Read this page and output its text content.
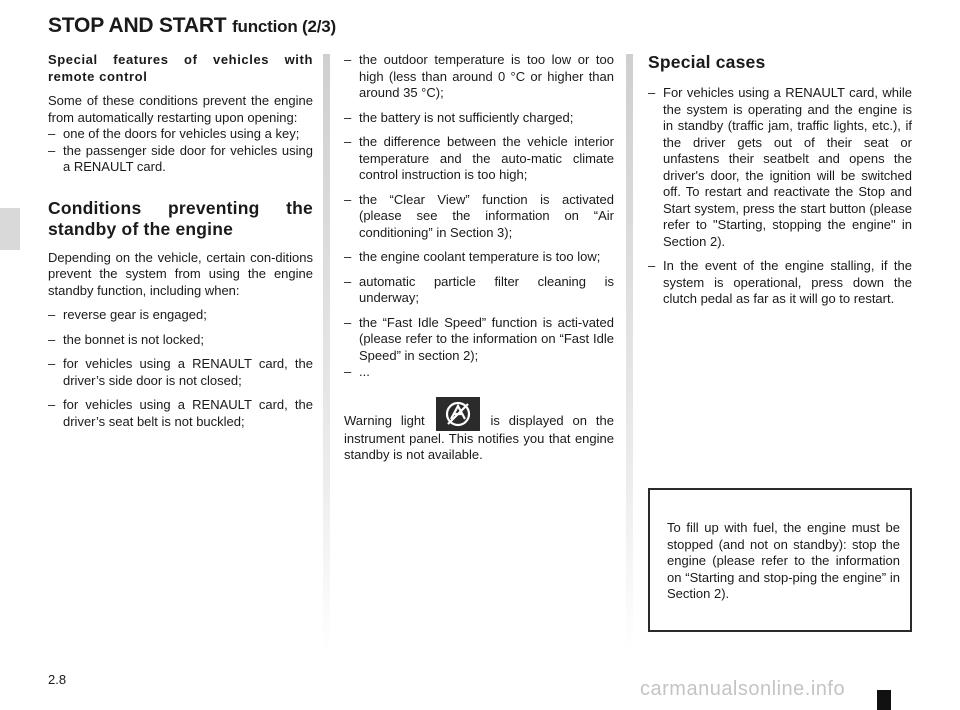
STOP AND START function (2/3)

Special features of vehicles with remote control

Some of these conditions prevent the engine from automatically restarting upon opening:

– one of the doors for vehicles using a key;
– the passenger side door for vehicles using a RENAULT card.
Conditions preventing the standby of the engine

Depending on the vehicle, certain con-ditions prevent the system from using the engine standby function, including when:

– reverse gear is engaged;
– the bonnet is not locked;
– for vehicles using a RENAULT card, the driver’s side door is not closed;
– for vehicles using a RENAULT card, the driver’s seat belt is not buckled;
– the outdoor temperature is too low or too high (less than around 0 °C or higher than around 35 °C);
– the battery is not sufficiently charged;
– the difference between the vehicle interior temperature and the auto-matic climate control instruction is too high;
– the “Clear View” function is activated (please see the information on “Air conditioning” in Section 3);
– the engine coolant temperature is too low;
– automatic particle filter cleaning is underway;
– the “Fast Idle Speed” function is acti-vated (please refer to the information on “Fast Idle Speed” in section 2);
– ...

Warning light	is displayed on the instrument panel. This notifies you that engine standby is not available.

Special cases
– For vehicles using a RENAULT card, while the system is operating and the engine is in standby (traffic jam, traffic lights, etc.), if the driver gets out of their seat or unfastens their seatbelt and opens the driver's door, the ignition will be switched off. To restart and reactivate the Stop and Start system, press the start button (please refer to "Starting, stopping the engine" in Section 2).
– In the event of the engine stalling, if the system is operational, press down the clutch pedal as far as it will go to restart.
To fill up with fuel, the engine must be stopped (and not on standby): stop the engine (please refer to the information on “Starting and stop-ping the engine” in Section 2).
2.8	carmanualsonline.info
